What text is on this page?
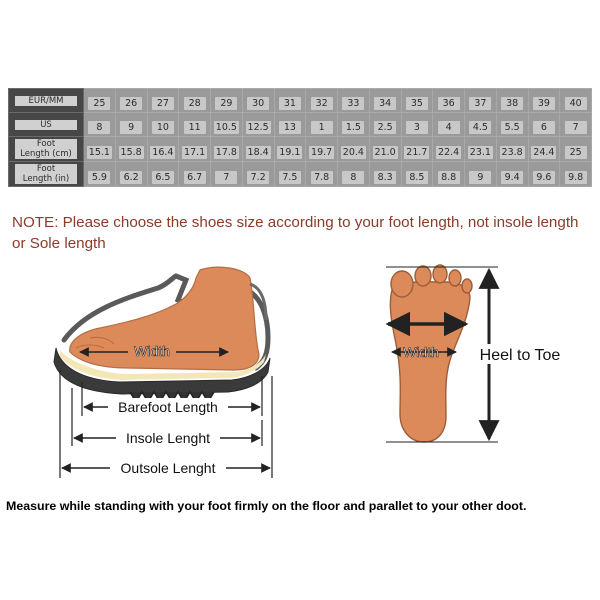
EUR/MM	25	26	27	28	29	30	31	32	33	34	35	36	37	38	39	40

US	8	9	10	11	10.5	12.5	13	1	1.5	2.5	3	4	4.5	5.5	6	7

Foot
Length (cm)	15.1	15.8	16.4	17.1	17.8	18.4	19.1	19.7	20.4	21.0	21.7	22.4	23.1	23.8	24.4	25

Foot
Length (in)	5.9	6.2	6.5	6.7	7	7.2	7.5	7.8	8	8.3	8.5	8.8	9	9.4	9.6	9.8

NOTE: Please choose the shoes size according to your foot length, not insole length or Sole length

Width
Barefoot Length
Insole Lenght
Outsole Lenght
Width	Heel to Toe

Measure while standing with your foot firmly on the floor and parallet to your other doot.
